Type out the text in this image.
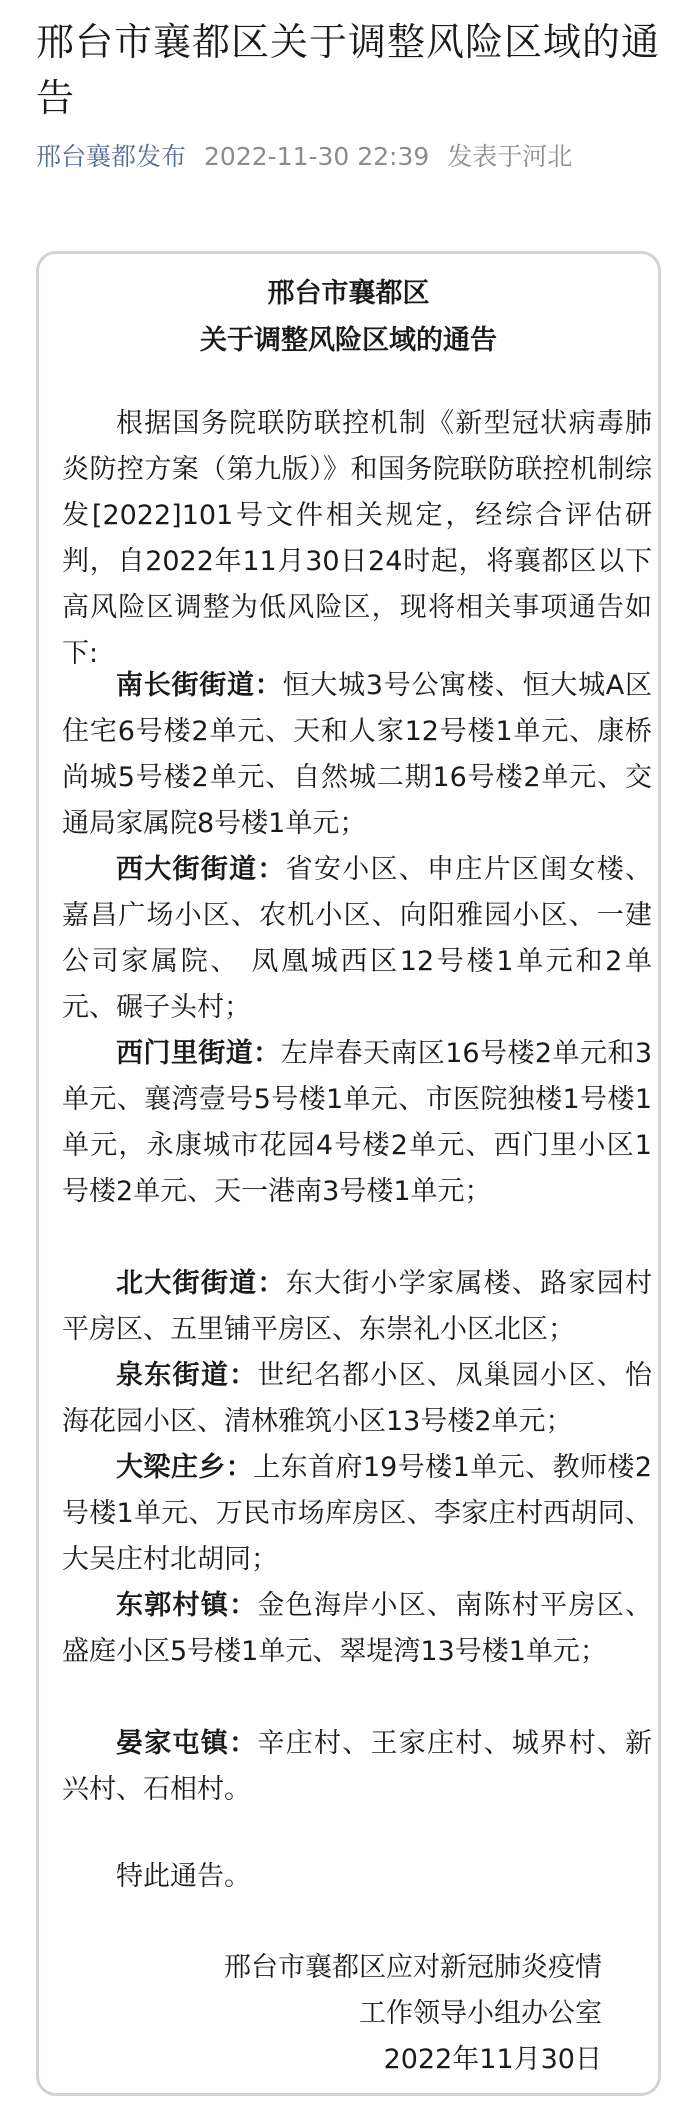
邢台市襄都区关于调整风险区域的通告
邢台襄都发布 2022-11-30 22:39 发表于河北
邢台市襄都区
关于调整风险区域的通告

根据国务院联防联控机制《新型冠状病毒肺炎防控方案（第九版）》和国务院联防联控机制综发[2022]101号文件相关规定，经综合评估研判，自2022年11月30日24时起，将襄都区以下高风险区调整为低风险区，现将相关事项通告如下:

南长街街道：恒大城3号公寓楼、恒大城A区住宅6号楼2单元、天和人家12号楼1单元、康桥尚城5号楼2单元、自然城二期16号楼2单元、交通局家属院8号楼1单元；

西大街街道：省安小区、申庄片区闺女楼、嘉昌广场小区、农机小区、向阳雅园小区、一建公司家属院、 凤凰城西区12号楼1单元和2单元、碾子头村；

西门里街道：左岸春天南区16号楼2单元和3单元、襄湾壹号5号楼1单元、市医院独楼1号楼1单元，永康城市花园4号楼2单元、西门里小区1号楼2单元、天一港南3号楼1单元；

北大街街道：东大街小学家属楼、路家园村平房区、五里铺平房区、东崇礼小区北区；

泉东街道：世纪名都小区、凤巢园小区、怡海花园小区、清林雅筑小区13号楼2单元；

大梁庄乡：上东首府19号楼1单元、教师楼2号楼1单元、万民市场库房区、李家庄村西胡同、大吴庄村北胡同；

东郭村镇：金色海岸小区、南陈村平房区、盛庭小区5号楼1单元、翠堤湾13号楼1单元；

晏家屯镇：辛庄村、王家庄村、城界村、新兴村、石相村。

特此通告。

邢台市襄都区应对新冠肺炎疫情
工作领导小组办公室
2022年11月30日
